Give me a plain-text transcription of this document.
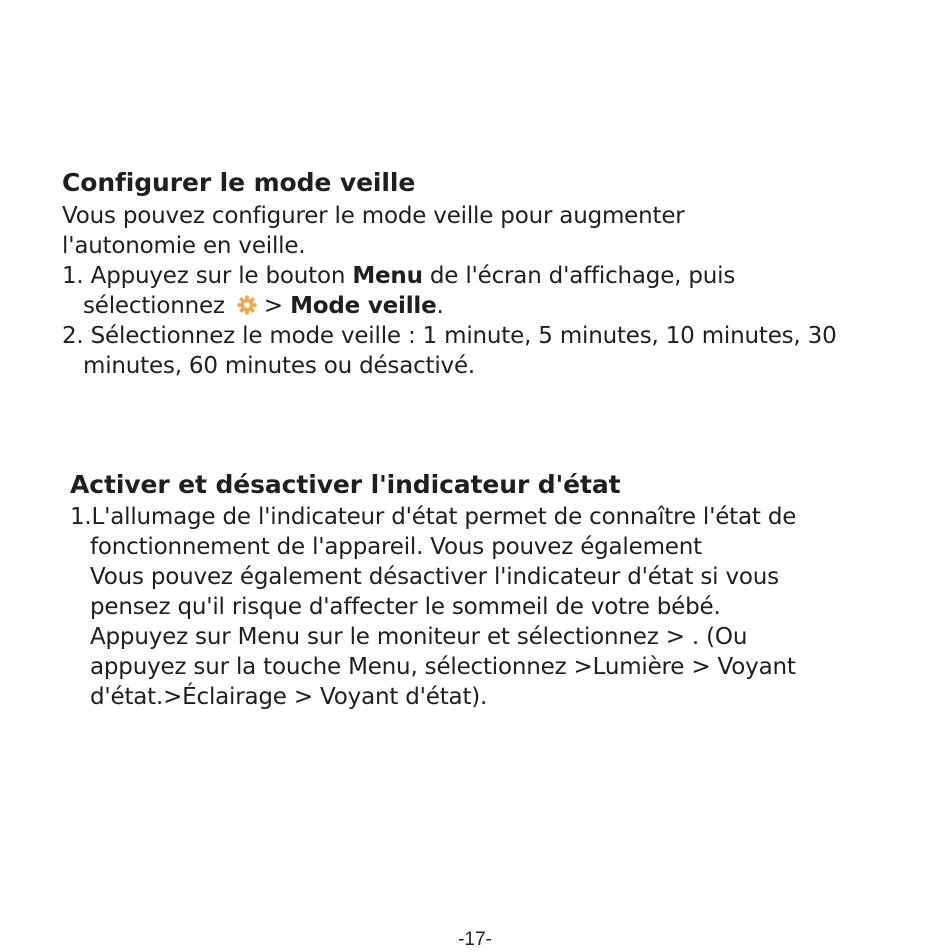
Configurer le mode veille
Vous pouvez configurer le mode veille pour augmenter
l'autonomie en veille.
1. Appuyez sur le bouton Menu de l'écran d'affichage, puis
sélectionnez > Mode veille.
2. Sélectionnez le mode veille : 1 minute, 5 minutes, 10 minutes, 30
minutes, 60 minutes ou désactivé.
Activer et désactiver l'indicateur d'état
1.L'allumage de l'indicateur d'état permet de connaître l'état de
fonctionnement de l'appareil. Vous pouvez également
Vous pouvez également désactiver l'indicateur d'état si vous
pensez qu'il risque d'affecter le sommeil de votre bébé.
Appuyez sur Menu sur le moniteur et sélectionnez > . (Ou
appuyez sur la touche Menu, sélectionnez >Lumière > Voyant
d'état.>Éclairage > Voyant d'état).
-17-
